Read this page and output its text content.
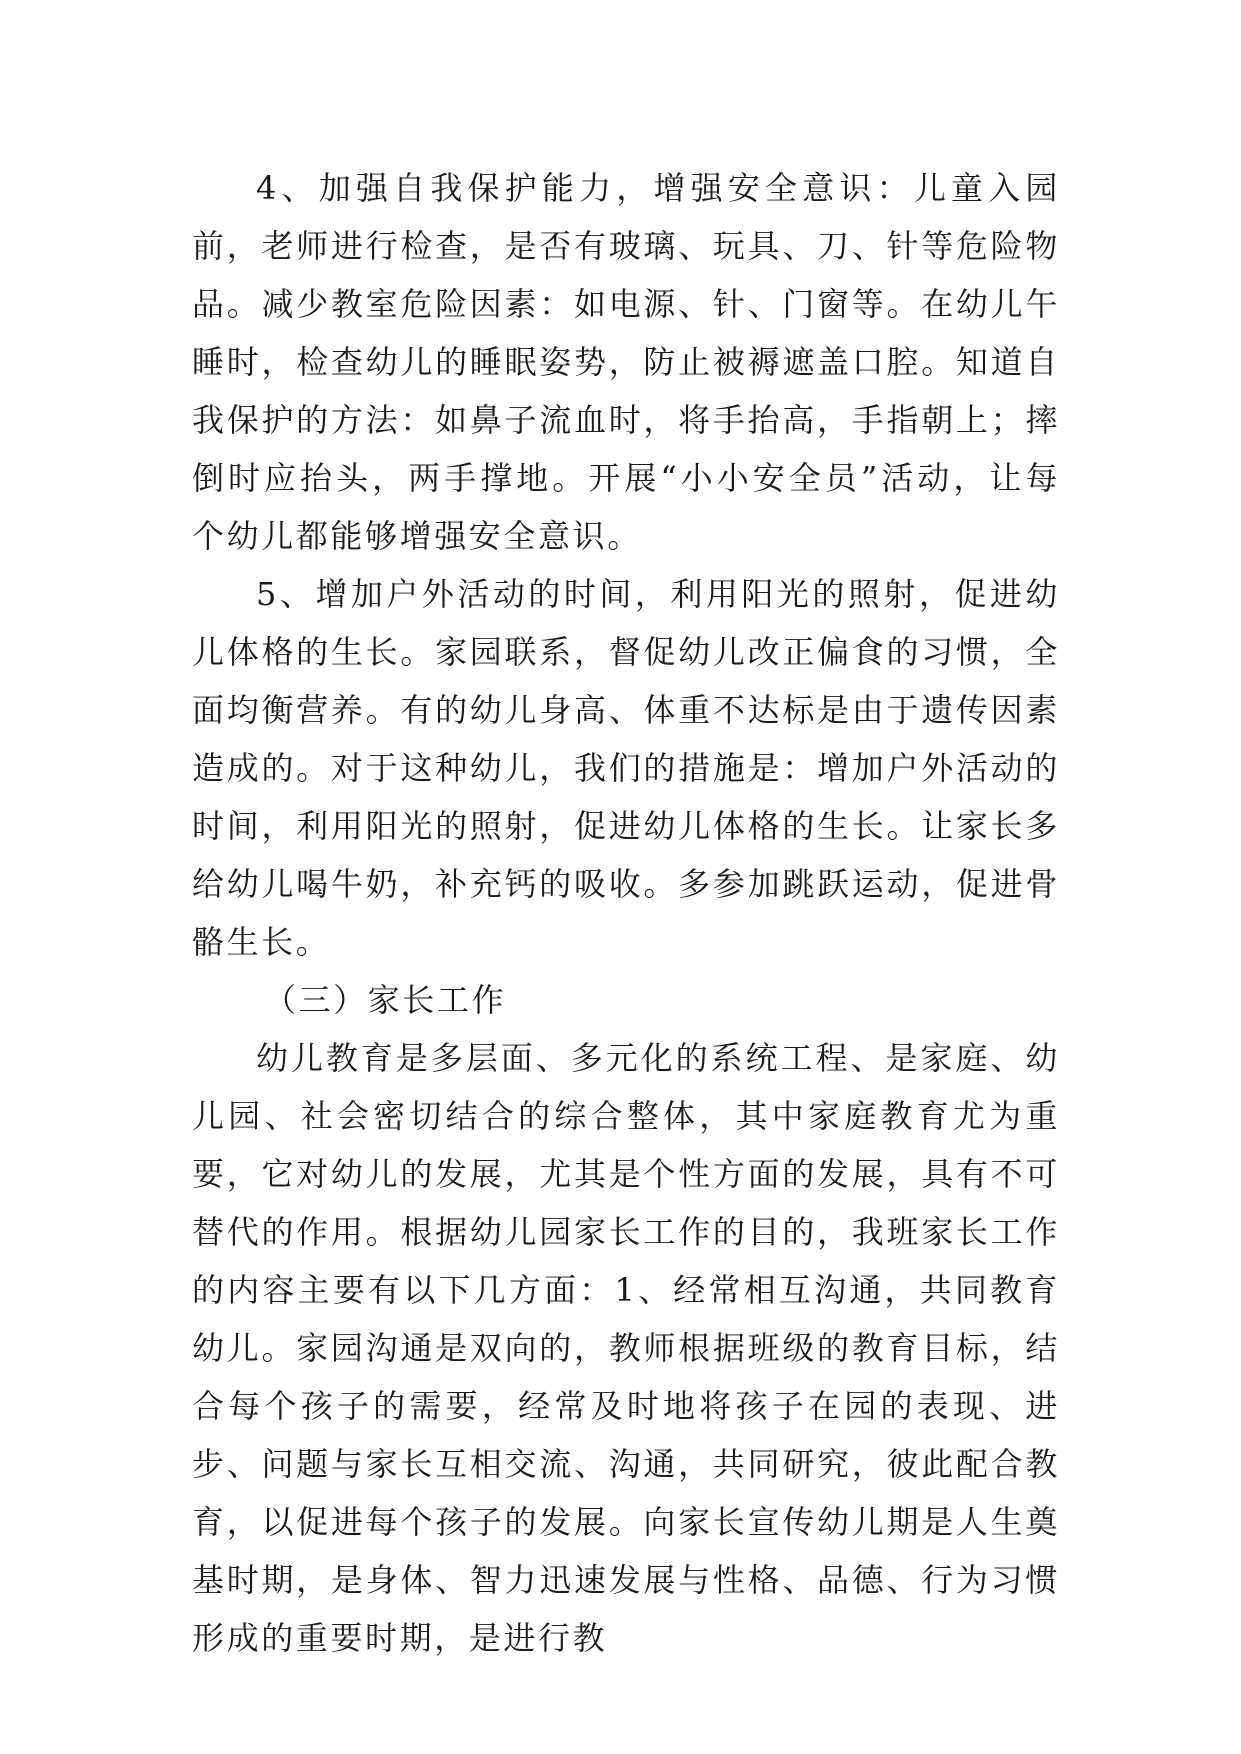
4、加强自我保护能力，增强安全意识：儿童入园前，老师进行检查，是否有玻璃、玩具、刀、针等危险物品。减少教室危险因素：如电源、针、门窗等。在幼儿午睡时，检查幼儿的睡眠姿势，防止被褥遮盖口腔。知道自我保护的方法：如鼻子流血时，将手抬高，手指朝上；摔倒时应抬头，两手撑地。开展“小小安全员”活动，让每个幼儿都能够增强安全意识。

5、增加户外活动的时间，利用阳光的照射，促进幼儿体格的生长。家园联系，督促幼儿改正偏食的习惯，全面均衡营养。有的幼儿身高、体重不达标是由于遗传因素造成的。对于这种幼儿，我们的措施是：增加户外活动的时间，利用阳光的照射，促进幼儿体格的生长。让家长多给幼儿喝牛奶，补充钙的吸收。多参加跳跃运动，促进骨骼生长。

（三）家长工作

幼儿教育是多层面、多元化的系统工程、是家庭、幼儿园、社会密切结合的综合整体，其中家庭教育尤为重要，它对幼儿的发展，尤其是个性方面的发展，具有不可替代的作用。根据幼儿园家长工作的目的，我班家长工作的内容主要有以下几方面：1、经常相互沟通，共同教育幼儿。家园沟通是双向的，教师根据班级的教育目标，结合每个孩子的需要，经常及时地将孩子在园的表现、进步、问题与家长互相交流、沟通，共同研究，彼此配合教育，以促进每个孩子的发展。向家长宣传幼儿期是人生奠基时期，是身体、智力迅速发展与性格、品德、行为习惯形成的重要时期，是进行教
